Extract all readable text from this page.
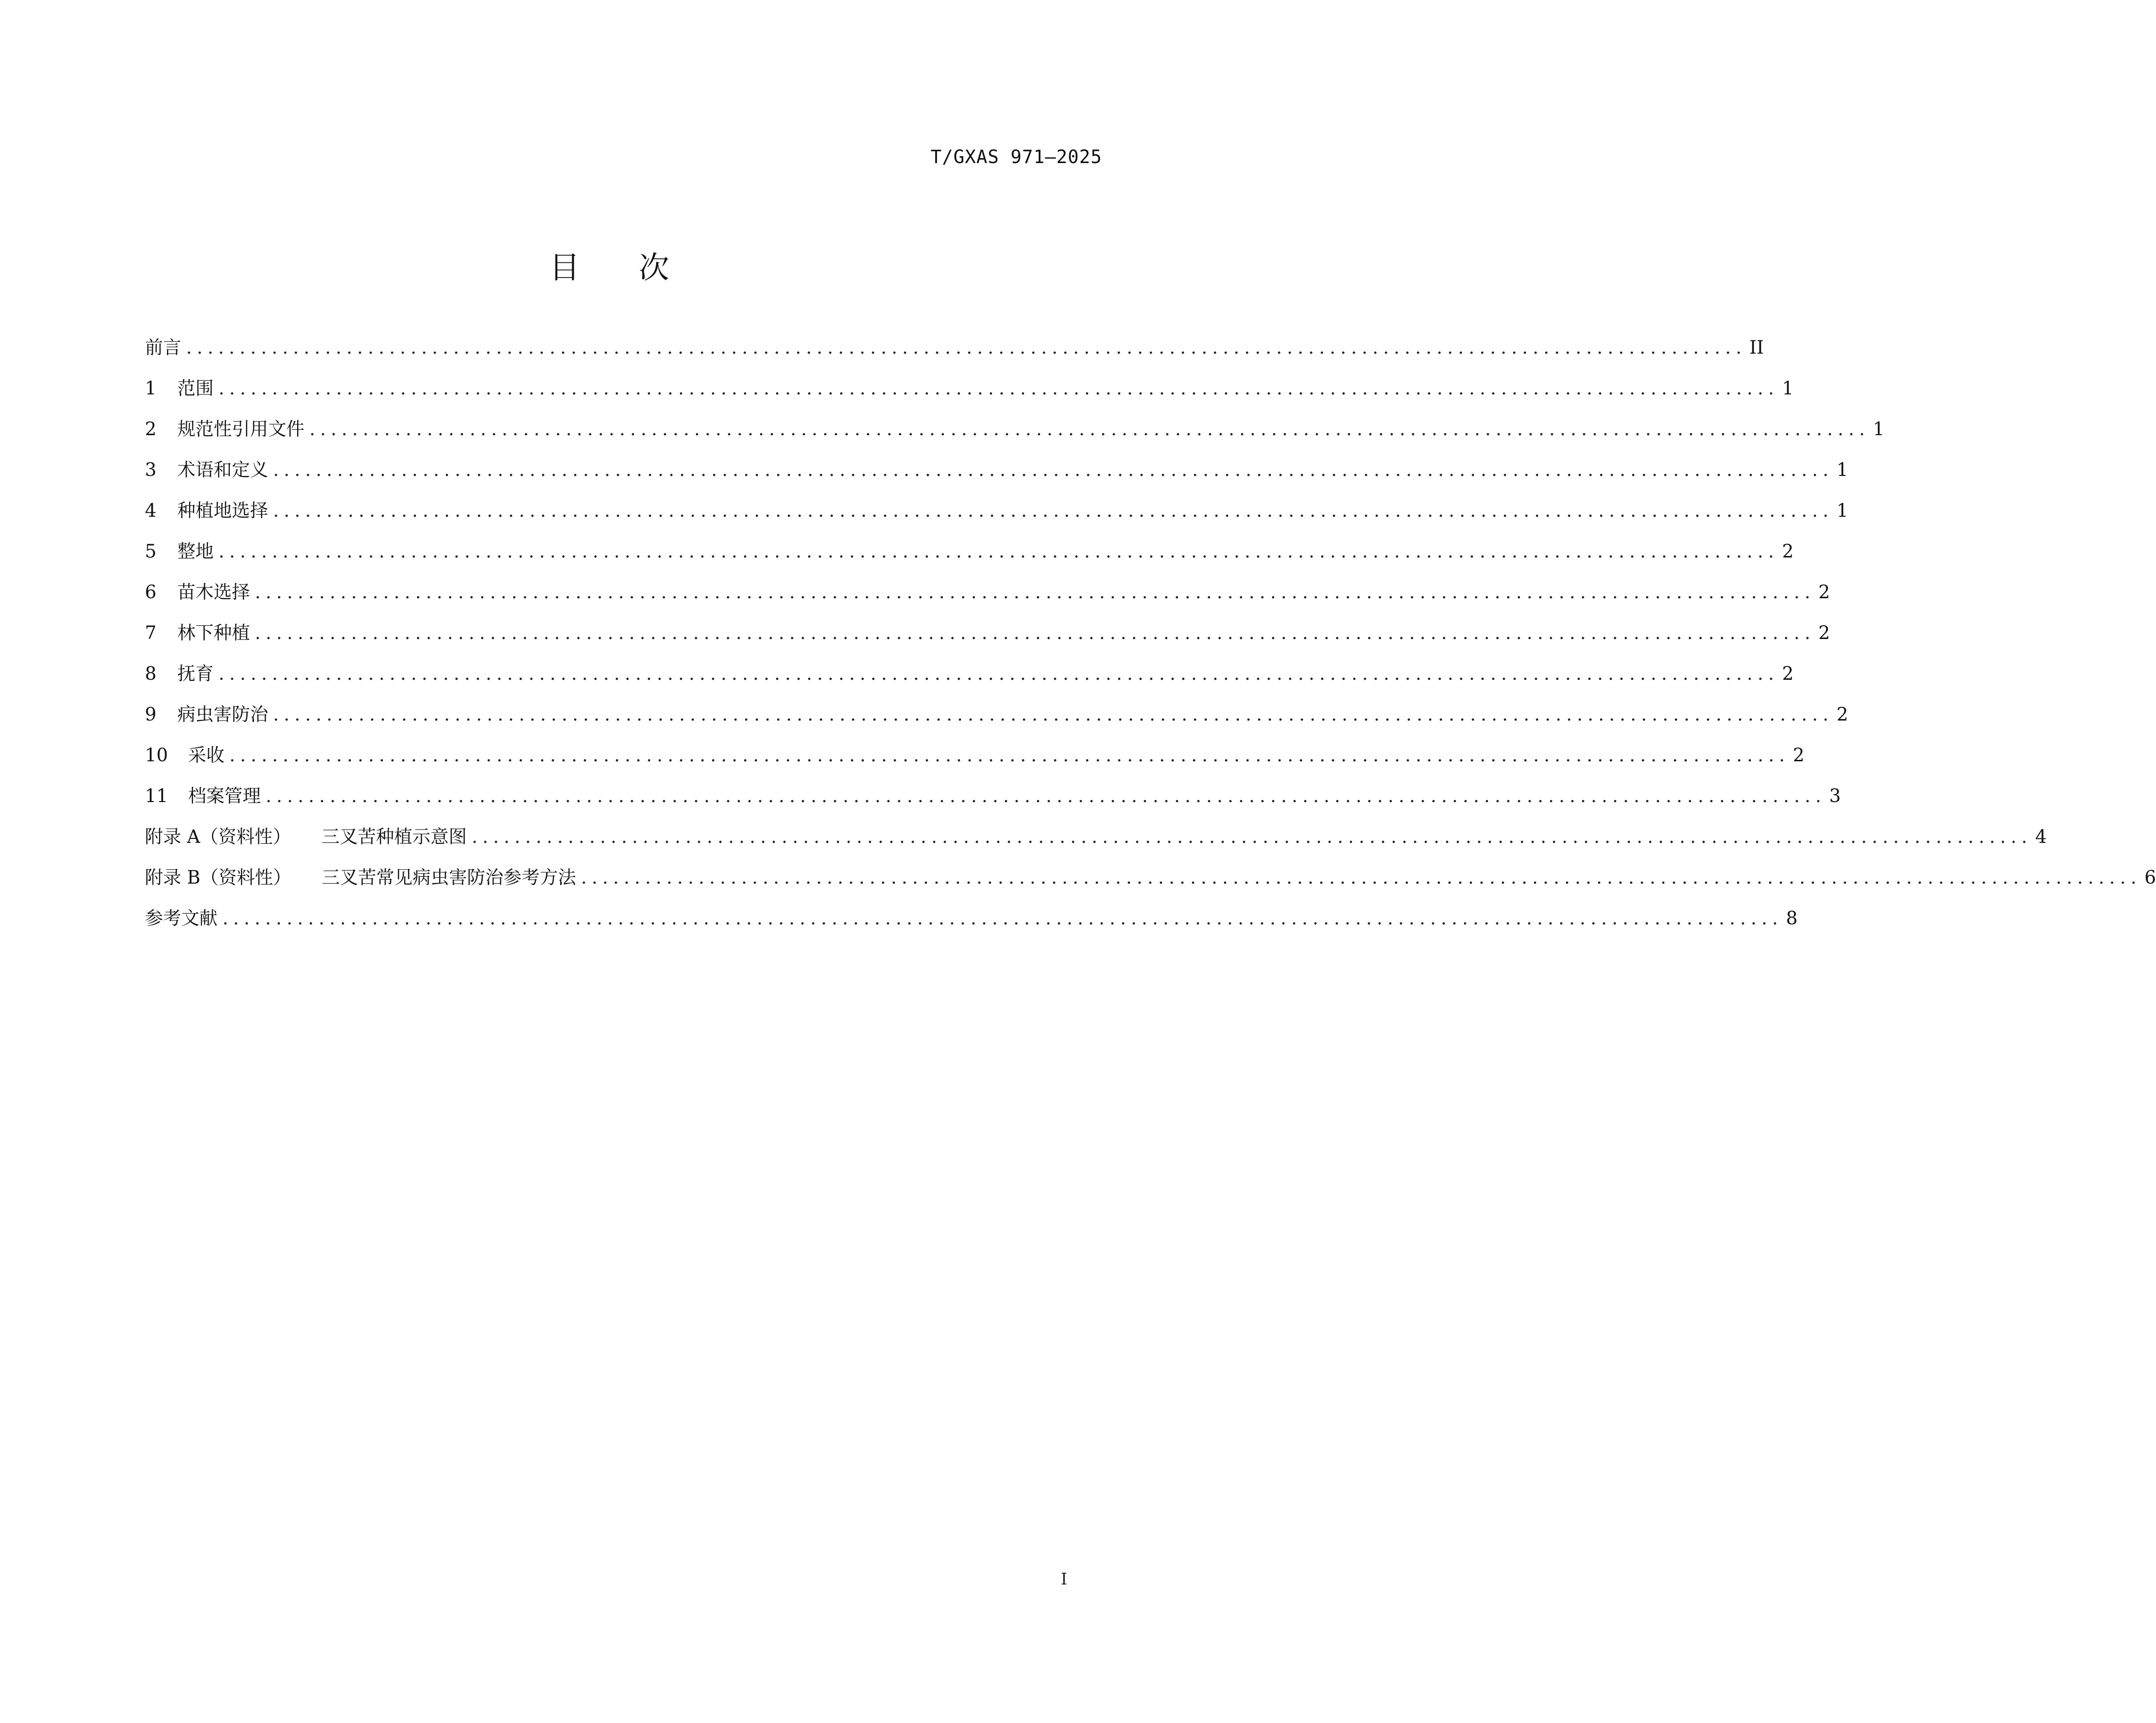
T/GXAS 971—2025
目 次
前言 .................................................................................................................................................. II
1	范围 .................................................................................................................................................. 1
2	规范性引用文件 .................................................................................................................................................. 1
3	术语和定义 .................................................................................................................................................. 1
4	种植地选择 .................................................................................................................................................. 1
5	整地 .................................................................................................................................................. 2
6	苗木选择 .................................................................................................................................................. 2
7	林下种植 .................................................................................................................................................. 2
8	抚育 .................................................................................................................................................. 2
9	病虫害防治 .................................................................................................................................................. 2
10	采收 .................................................................................................................................................. 2
11	档案管理 .................................................................................................................................................. 3
附录 A（资料性） 三叉苦种植示意图 .................................................................................................................................................. 4
附录 B（资料性） 三叉苦常见病虫害防治参考方法 .................................................................................................................................................. 6
参考文献 .................................................................................................................................................. 8
I
